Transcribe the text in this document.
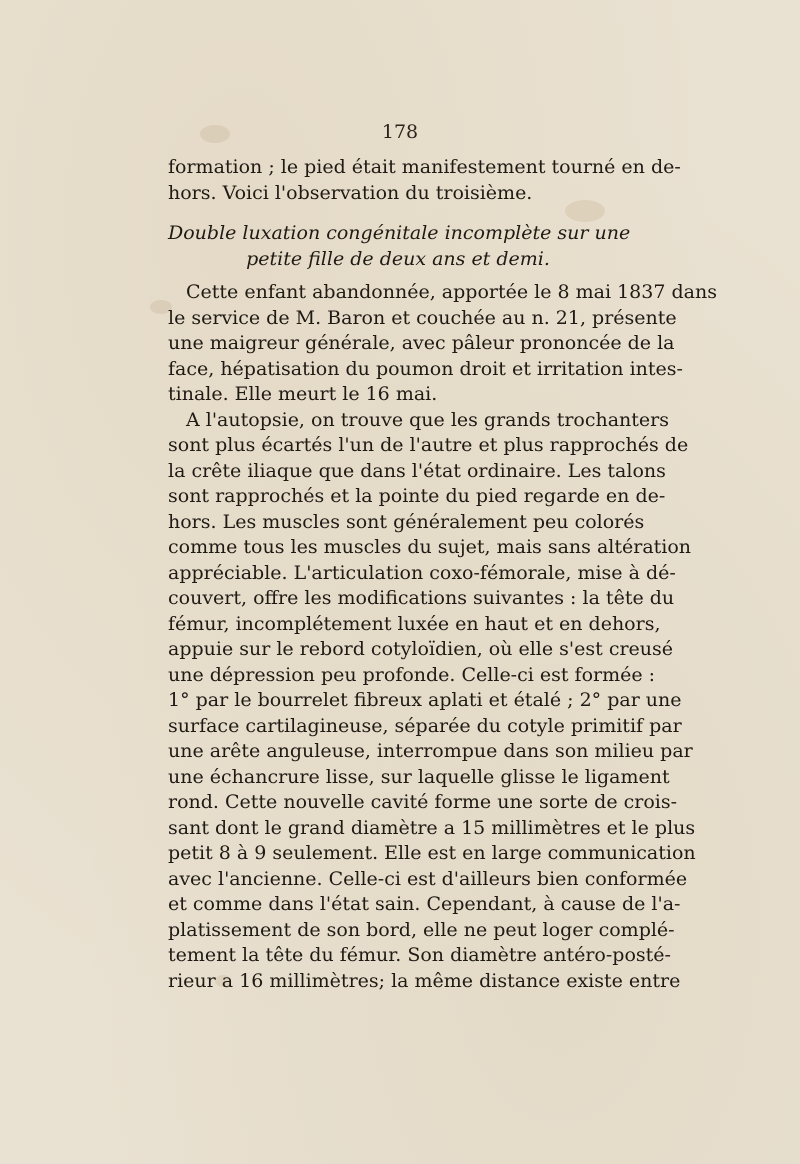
178
formation ; le pied était manifestement tourné en de-
hors. Voici l'observation du troisième.
Double luxation congénitale incomplète sur une
petite fille de deux ans et demi.
Cette enfant abandonnée, apportée le 8 mai 1837 dans
le service de M. Baron et couchée au n. 21, présente
une maigreur générale, avec pâleur prononcée de la
face, hépatisation du poumon droit et irritation intes-
tinale. Elle meurt le 16 mai.
A l'autopsie, on trouve que les grands trochanters
sont plus écartés l'un de l'autre et plus rapprochés de
la crête iliaque que dans l'état ordinaire. Les talons
sont rapprochés et la pointe du pied regarde en de-
hors. Les muscles sont généralement peu colorés
comme tous les muscles du sujet, mais sans altération
appréciable. L'articulation coxo-fémorale, mise à dé-
couvert, offre les modifications suivantes : la tête du
fémur, incomplétement luxée en haut et en dehors,
appuie sur le rebord cotyloïdien, où elle s'est creusé
une dépression peu profonde. Celle-ci est formée :
1° par le bourrelet fibreux aplati et étalé ; 2° par une
surface cartilagineuse, séparée du cotyle primitif par
une arête anguleuse, interrompue dans son milieu par
une échancrure lisse, sur laquelle glisse le ligament
rond. Cette nouvelle cavité forme une sorte de crois-
sant dont le grand diamètre a 15 millimètres et le plus
petit 8 à 9 seulement. Elle est en large communication
avec l'ancienne. Celle-ci est d'ailleurs bien conformée
et comme dans l'état sain. Cependant, à cause de l'a-
platissement de son bord, elle ne peut loger complé-
tement la tête du fémur. Son diamètre antéro-posté-
rieur a 16 millimètres; la même distance existe entre
